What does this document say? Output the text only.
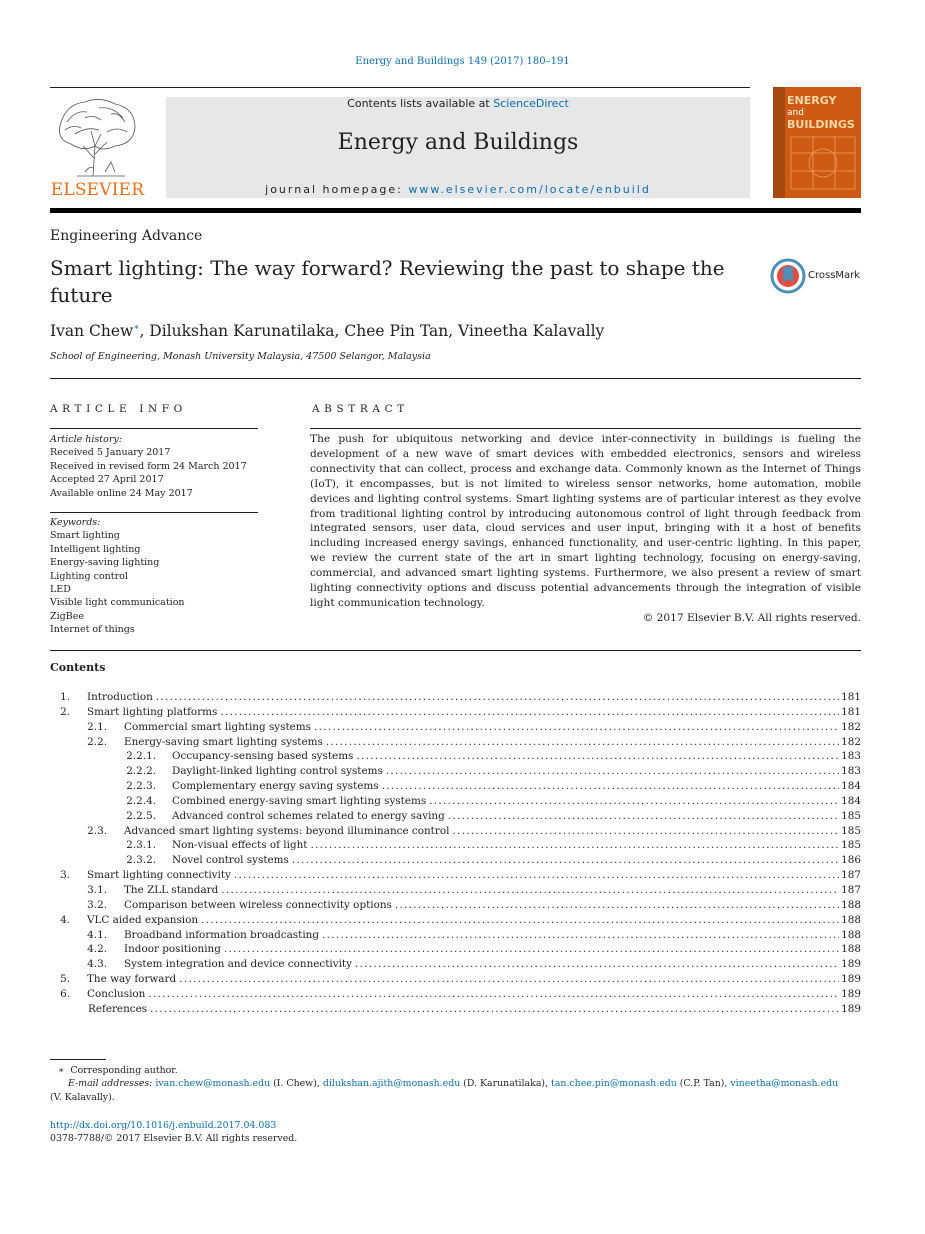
Energy and Buildings 149 (2017) 180–191
ELSEVIER
Contents lists available at ScienceDirect
Energy and Buildings
journal homepage: www.elsevier.com/locate/enbuild
ENERGY
and BUILDINGS
Engineering Advance
Smart lighting: The way forward? Reviewing the past to shape the future
CrossMark
Ivan Chew∗, Dilukshan Karunatilaka, Chee Pin Tan, Vineetha Kalavally
School of Engineering, Monash University Malaysia, 47500 Selangor, Malaysia
ARTICLE INFO
Article history:
Received 5 January 2017
Received in revised form 24 March 2017
Accepted 27 April 2017
Available online 24 May 2017
Keywords:
Smart lighting
Intelligent lighting
Energy-saving lighting
Lighting control
LED
Visible light communication
ZigBee
Internet of things
ABSTRACT
The push for ubiquitous networking and device inter-connectivity in buildings is fueling the development of a new wave of smart devices with embedded electronics, sensors and wireless connectivity that can collect, process and exchange data. Commonly known as the Internet of Things (IoT), it encompasses, but is not limited to wireless sensor networks, home automation, mobile devices and lighting control systems. Smart lighting systems are of particular interest as they evolve from traditional lighting control by introducing autonomous control of light through feedback from integrated sensors, user data, cloud services and user input, bringing with it a host of benefits including increased energy savings, enhanced functionality, and user-centric lighting. In this paper, we review the current state of the art in smart lighting technology, focusing on energy-saving, commercial, and advanced smart lighting systems. Furthermore, we also present a review of smart lighting connectivity options and discuss potential advancements through the integration of visible light communication technology.
© 2017 Elsevier B.V. All rights reserved.
Contents
1. Introduction .....	181
2. Smart lighting platforms .....	181
2.1. Commercial smart lighting systems .....	182
2.2. Energy-saving smart lighting systems .....	182
2.2.1. Occupancy-sensing based systems .....	183
2.2.2. Daylight-linked lighting control systems .....	183
2.2.3. Complementary energy saving systems .....	184
2.2.4. Combined energy-saving smart lighting systems .....	184
2.2.5. Advanced control schemes related to energy saving .....	185
2.3. Advanced smart lighting systems: beyond illuminance control .....	185
2.3.1. Non-visual effects of light .....	185
2.3.2. Novel control systems .....	186
3. Smart lighting connectivity .....	187
3.1. The ZLL standard .....	187
3.2. Comparison between wireless connectivity options .....	188
4. VLC aided expansion .....	188
4.1. Broadband information broadcasting .....	188
4.2. Indoor positioning .....	188
4.3. System integration and device connectivity .....	189
5. The way forward .....	189
6. Conclusion .....	189
References .....	189
∗ Corresponding author.
E-mail addresses: ivan.chew@monash.edu (I. Chew), dilukshan.ajith@monash.edu (D. Karunatilaka), tan.chee.pin@monash.edu (C.P. Tan), vineetha@monash.edu
(V. Kalavally).
http://dx.doi.org/10.1016/j.enbuild.2017.04.083
0378-7788/© 2017 Elsevier B.V. All rights reserved.
